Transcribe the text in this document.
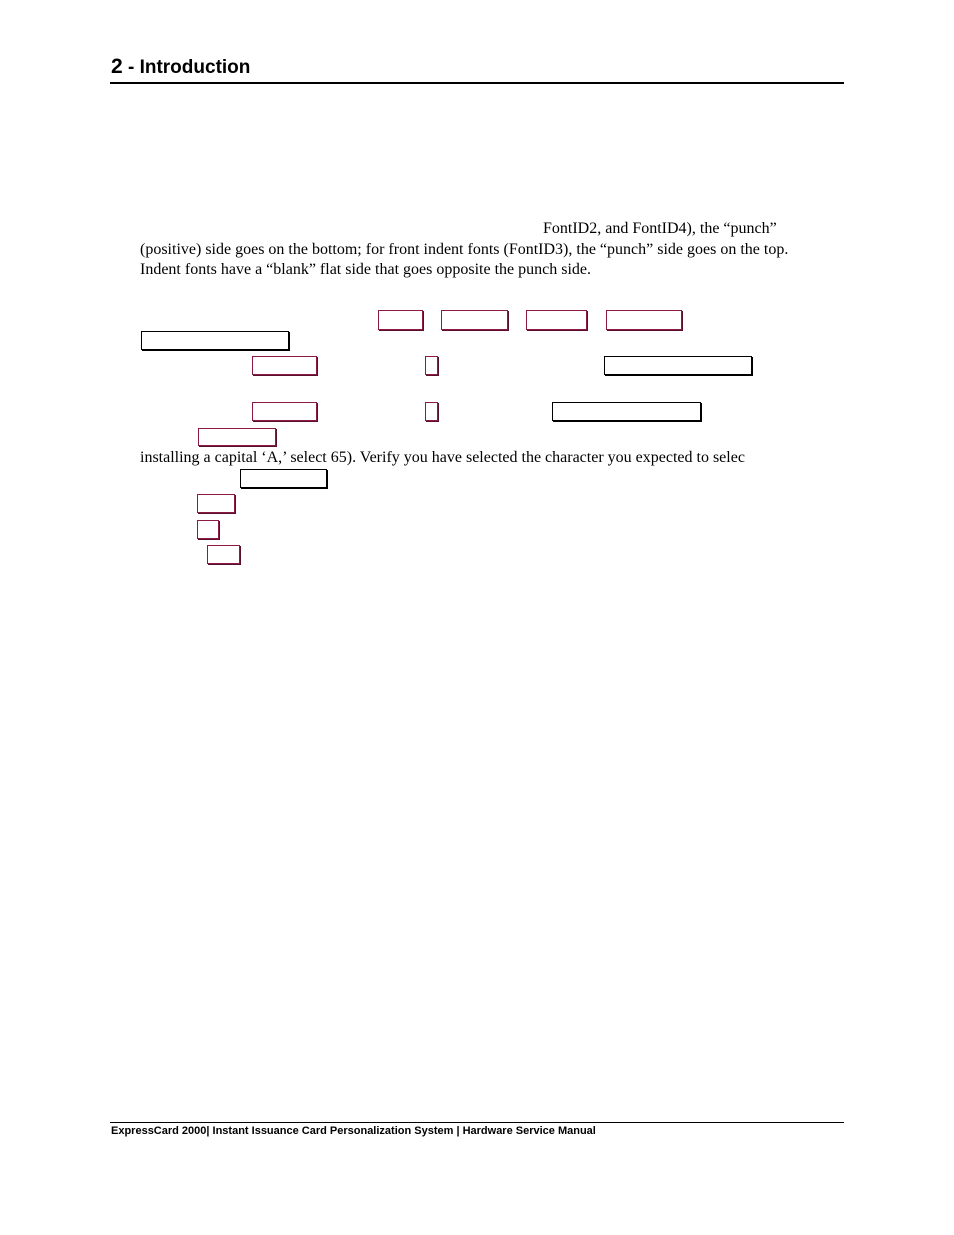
2 - Introduction
FontID2, and FontID4), the “punch”
(positive) side goes on the bottom; for front indent fonts (FontID3), the “punch” side goes on the top.
Indent fonts have a “blank” flat side that goes opposite the punch side.
installing a capital ‘A,’ select 65). Verify you have selected the character you expected to selec
ExpressCard 2000| Instant Issuance Card Personalization System | Hardware Service Manual
